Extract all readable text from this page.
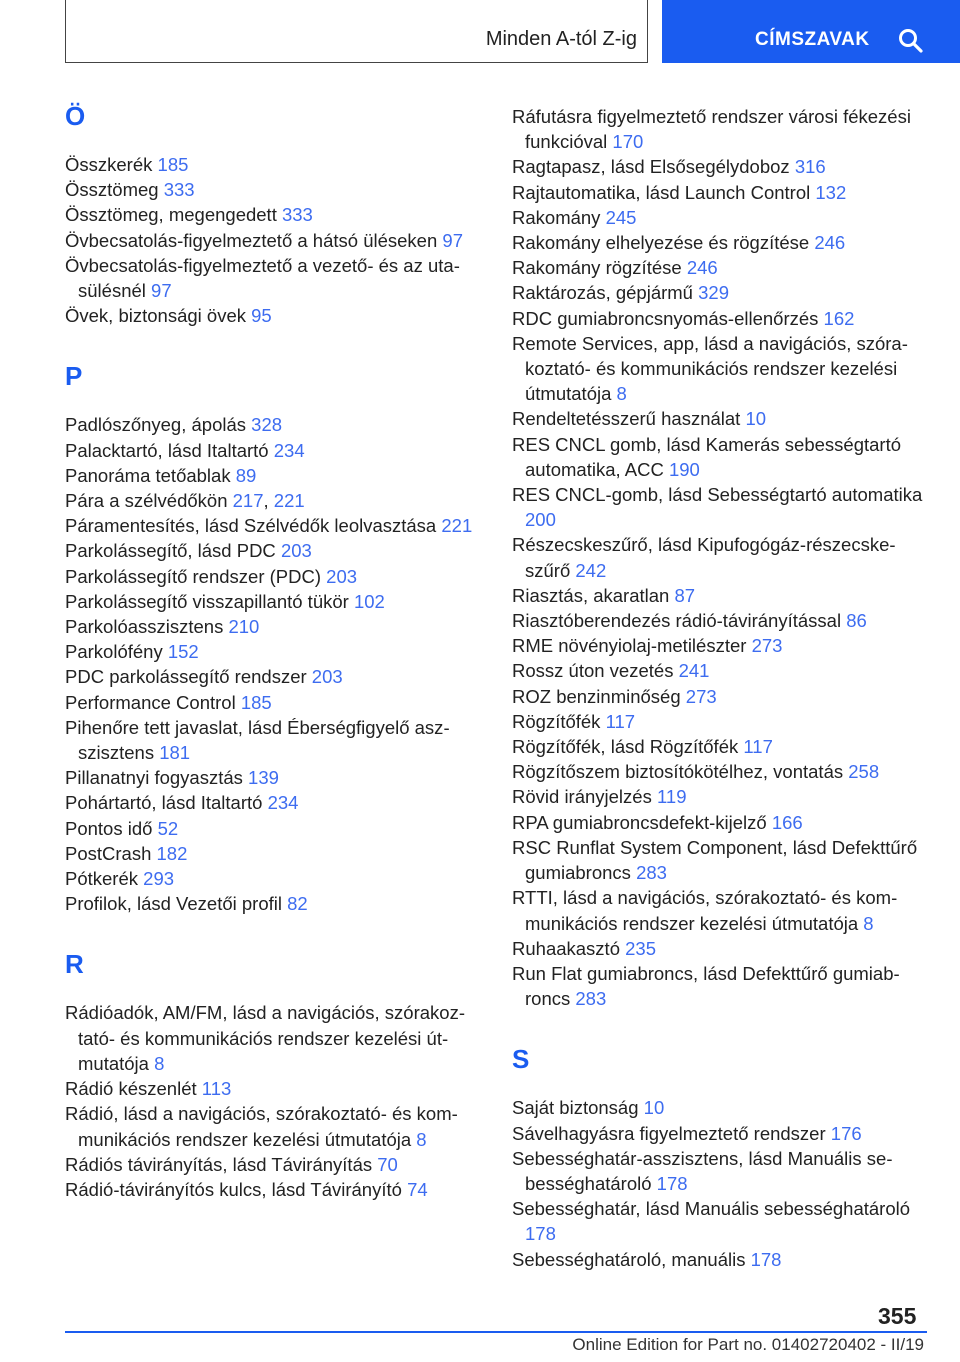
Minden A-tól Z-ig	CÍMSZAVAK
Ö
Összkerék 185
Össztömeg 333
Össztömeg, megengedett 333
Övbecsatolás-figyelmeztető a hátsó üléseken 97
Övbecsatolás-figyelmeztető a vezető- és az utasülésnél 97
Övek, biztonsági övek 95
P
Padlószőnyeg, ápolás 328
Palacktartó, lásd Italtartó 234
Panoráma tetőablak 89
Pára a szélvédőkön 217, 221
Páramentesítés, lásd Szélvédők leolvasztása 221
Parkolássegítő, lásd PDC 203
Parkolássegítő rendszer (PDC) 203
Parkolássegítő visszapillantó tükör 102
Parkolóasszisztens 210
Parkolófény 152
PDC parkolássegítő rendszer 203
Performance Control 185
Pihenőre tett javaslat, lásd Éberségfigyelő aszszisztens 181
Pillanatnyi fogyasztás 139
Pohártartó, lásd Italtartó 234
Pontos idő 52
PostCrash 182
Pótkerék 293
Profilok, lásd Vezetői profil 82
R
Rádióadók, AM/FM, lásd a navigációs, szórakoztató- és kommunikációs rendszer kezelési útmutatója 8
Rádió készenlét 113
Rádió, lásd a navigációs, szórakoztató- és kommunikációs rendszer kezelési útmutatója 8
Rádiós távirányítás, lásd Távirányítás 70
Rádió-távirányítós kulcs, lásd Távirányító 74
Ráfutásra figyelmeztető rendszer városi fékezési funkcióval 170
Ragtapasz, lásd Elsősegélydoboz 316
Rajtautomatika, lásd Launch Control 132
Rakomány 245
Rakomány elhelyezése és rögzítése 246
Rakomány rögzítése 246
Raktározás, gépjármű 329
RDC gumiabroncsnyomás-ellenőrzés 162
Remote Services, app, lásd a navigációs, szórakoztató- és kommunikációs rendszer kezelési útmutatója 8
Rendeltetésszerű használat 10
RES CNCL gomb, lásd Kamerás sebességtartó automatika, ACC 190
RES CNCL-gomb, lásd Sebességtartó automatika 200
Részecskeszűrő, lásd Kipufogógáz-részecskeszűrő 242
Riasztás, akaratlan 87
Riasztóberendezés rádió-távirányítással 86
RME növényiolaj-metilészter 273
Rossz úton vezetés 241
ROZ benzinminőség 273
Rögzítőfék 117
Rögzítőfék, lásd Rögzítőfék 117
Rögzítőszem biztosítókötélhez, vontatás 258
Rövid irányjelzés 119
RPA gumiabroncsdefekt-kijelző 166
RSC Runflat System Component, lásd Defekttűrő gumiabroncs 283
RTTI, lásd a navigációs, szórakoztató- és kommunikációs rendszer kezelési útmutatója 8
Ruhaakasztó 235
Run Flat gumiabroncs, lásd Defekttűrő gumiabroncs 283
S
Saját biztonság 10
Sávelhagyásra figyelmeztető rendszer 176
Sebességhatár-asszisztens, lásd Manuális sebességhatároló 178
Sebességhatár, lásd Manuális sebességhatároló 178
Sebességhatároló, manuális 178
355
Online Edition for Part no. 01402720402 - II/19
